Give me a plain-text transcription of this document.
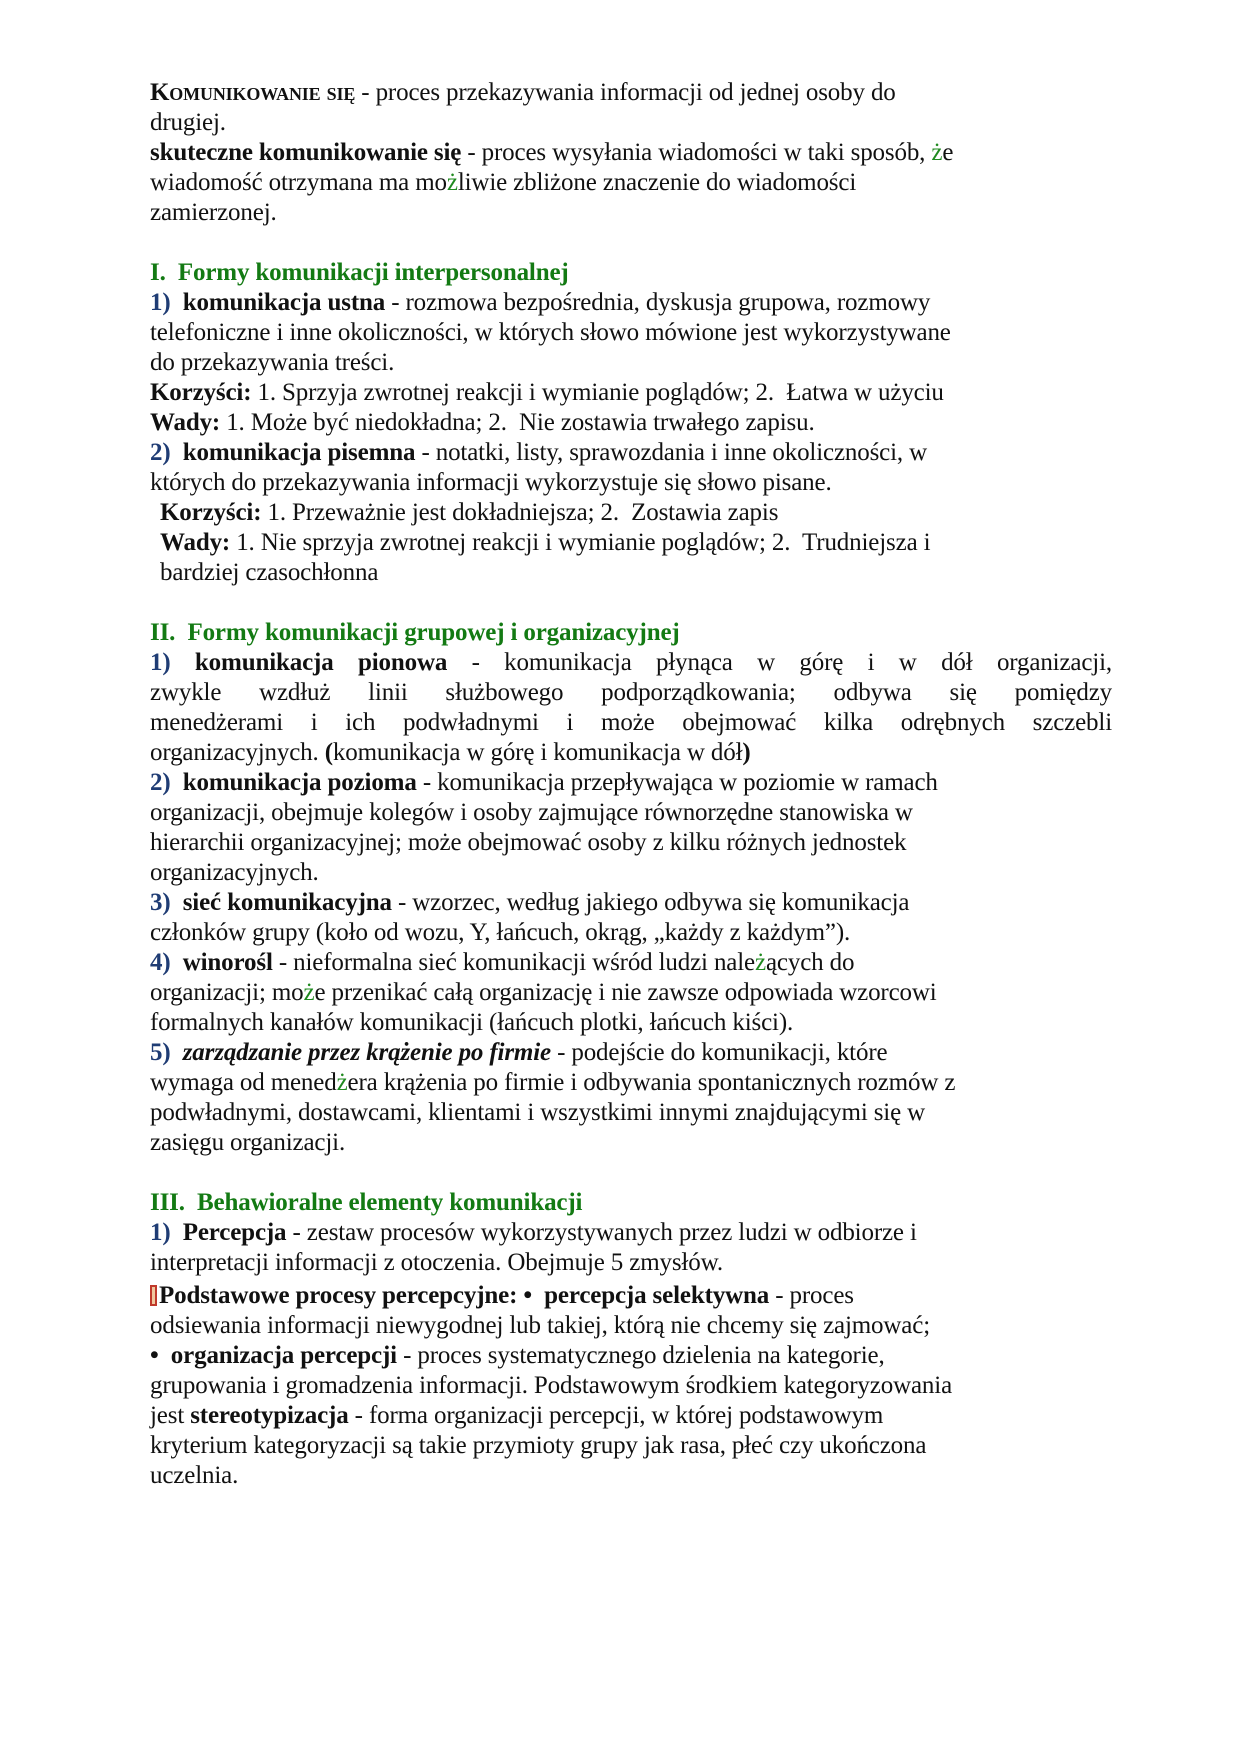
Komunikowanie się - proces przekazywania informacji od jednej osoby do
drugiej.
skuteczne komunikowanie się - proces wysyłania wiadomości w taki sposób, że
wiadomość otrzymana ma możliwie zbliżone znaczenie do wiadomości
zamierzonej.
I.  Formy komunikacji interpersonalnej
1)  komunikacja ustna - rozmowa bezpośrednia, dyskusja grupowa, rozmowy
telefoniczne i inne okoliczności, w których słowo mówione jest wykorzystywane
do przekazywania treści.
Korzyści: 1. Sprzyja zwrotnej reakcji i wymianie poglądów; 2.  Łatwa w użyciu
Wady: 1. Może być niedokładna; 2.  Nie zostawia trwałego zapisu.
2)  komunikacja pisemna - notatki, listy, sprawozdania i inne okoliczności, w
których do przekazywania informacji wykorzystuje się słowo pisane.
Korzyści: 1. Przeważnie jest dokładniejsza; 2.  Zostawia zapis
Wady: 1. Nie sprzyja zwrotnej reakcji i wymianie poglądów; 2.  Trudniejsza i
bardziej czasochłonna
II.  Formy komunikacji grupowej i organizacyjnej
1) komunikacja pionowa - komunikacja płynąca w górę i w dół organizacji,
zwykle wzdłuż linii służbowego podporządkowania; odbywa się pomiędzy
menedżerami i ich podwładnymi i może obejmować kilka odrębnych szczebli
organizacyjnych. (komunikacja w górę i komunikacja w dół)
2)  komunikacja pozioma - komunikacja przepływająca w poziomie w ramach
organizacji, obejmuje kolegów i osoby zajmujące równorzędne stanowiska w
hierarchii organizacyjnej; może obejmować osoby z kilku różnych jednostek
organizacyjnych.
3)  sieć komunikacyjna - wzorzec, według jakiego odbywa się komunikacja
członków grupy (koło od wozu, Y, łańcuch, okrąg, „każdy z każdym”).
4)  winorośl - nieformalna sieć komunikacji wśród ludzi należących do
organizacji; może przenikać całą organizację i nie zawsze odpowiada wzorcowi
formalnych kanałów komunikacji (łańcuch plotki, łańcuch kiści).
5)  zarządzanie przez krążenie po firmie - podejście do komunikacji, które
wymaga od menedżera krążenia po firmie i odbywania spontanicznych rozmów z
podwładnymi, dostawcami, klientami i wszystkimi innymi znajdującymi się w
zasięgu organizacji.
III.  Behawioralne elementy komunikacji
1)  Percepcja - zestaw procesów wykorzystywanych przez ludzi w odbiorze i
interpretacji informacji z otoczenia. Obejmuje 5 zmysłów.
Podstawowe procesy percepcyjne: •  percepcja selektywna - proces
odsiewania informacji niewygodnej lub takiej, którą nie chcemy się zajmować;
•  organizacja percepcji - proces systematycznego dzielenia na kategorie,
grupowania i gromadzenia informacji. Podstawowym środkiem kategoryzowania
jest stereotypizacja - forma organizacji percepcji, w której podstawowym
kryterium kategoryzacji są takie przymioty grupy jak rasa, płeć czy ukończona
uczelnia.
